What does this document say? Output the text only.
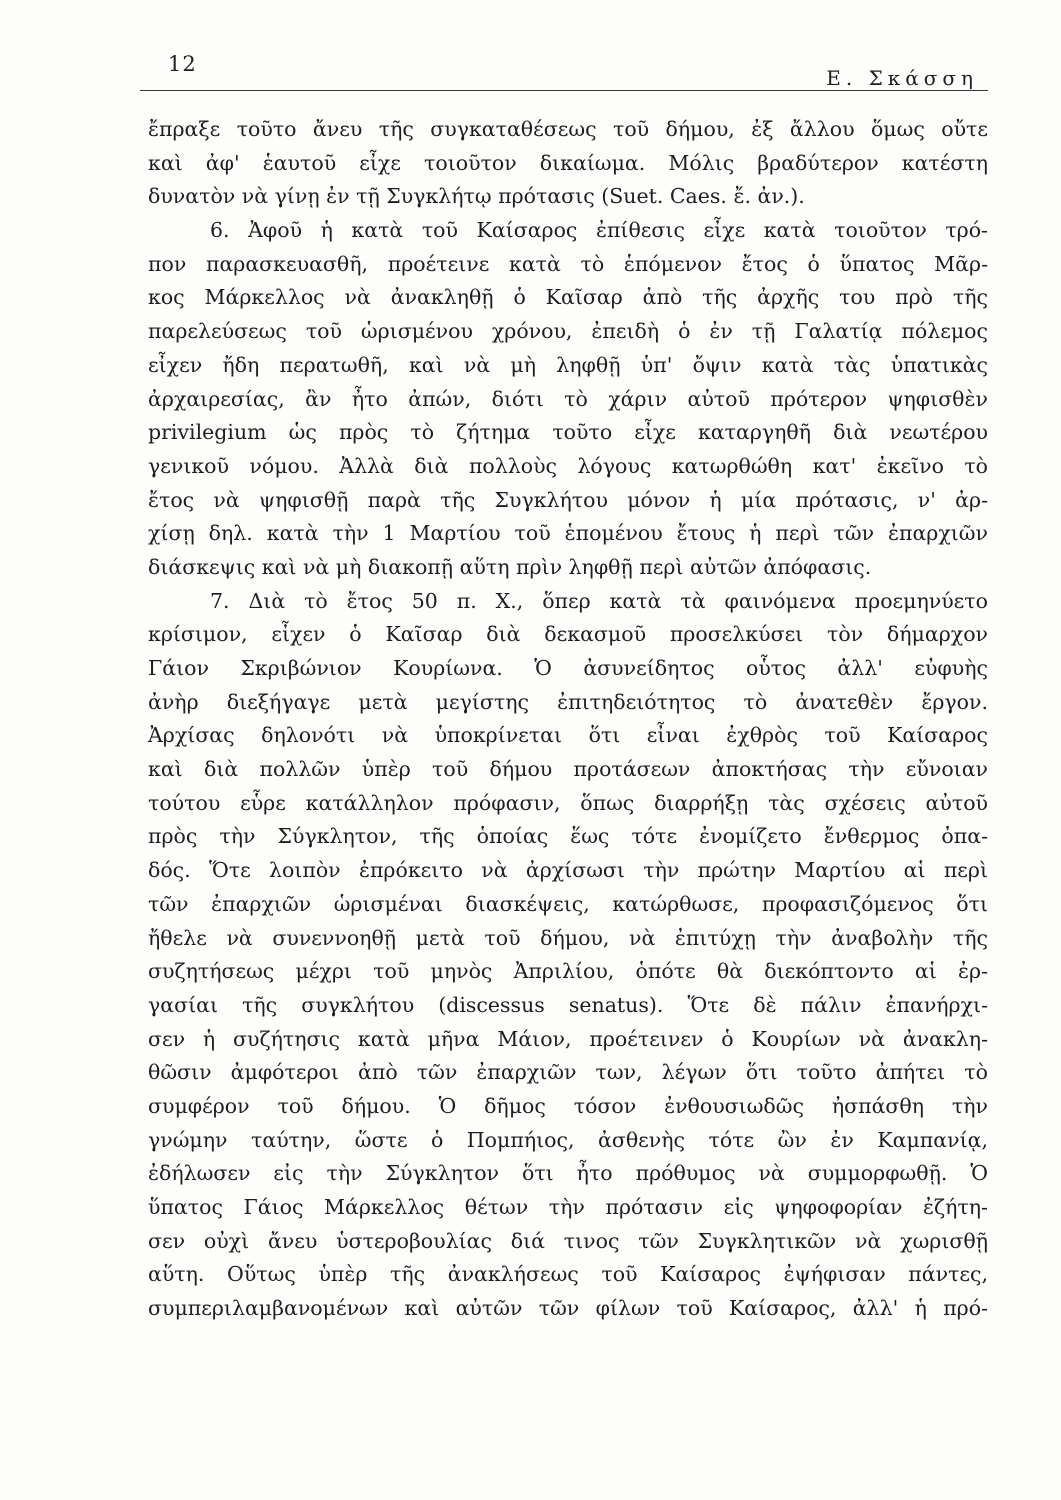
12
Ε. Σκάσση
ἔπραξε τοῦτο ἄνευ τῆς συγκαταθέσεως τοῦ δήμου, ἐξ ἄλλου ὅμως οὔτε
καὶ ἀφ' ἑαυτοῦ εἶχε τοιοῦτον δικαίωμα. Μόλις βραδύτερον κατέστη
δυνατὸν νὰ γίνῃ ἐν τῇ Συγκλήτῳ πρότασις (Suet. Caes. ἔ. ἀν.).
6. Ἀφοῦ ἡ κατὰ τοῦ Καίσαρος ἐπίθεσις εἶχε κατὰ τοιοῦτον τρό-
πον παρασκευασθῆ, προέτεινε κατὰ τὸ ἑπόμενον ἔτος ὁ ὕπατος Μᾶρ-
κος Μάρκελλος νὰ ἀνακληθῇ ὁ Καῖσαρ ἀπὸ τῆς ἀρχῆς του πρὸ τῆς
παρελεύσεως τοῦ ὡρισμένου χρόνου, ἐπειδὴ ὁ ἐν τῇ Γαλατίᾳ πόλεμος
εἶχεν ἤδη περατωθῆ, καὶ νὰ μὴ ληφθῇ ὑπ' ὄψιν κατὰ τὰς ὑπατικὰς
ἀρχαιρεσίας, ἂν ἦτο ἀπών, διότι τὸ χάριν αὐτοῦ πρότερον ψηφισθὲν
privilegium ὡς πρὸς τὸ ζήτημα τοῦτο εἶχε καταργηθῆ διὰ νεωτέρου
γενικοῦ νόμου. Ἀλλὰ διὰ πολλοὺς λόγους κατωρθώθη κατ' ἐκεῖνο τὸ
ἔτος νὰ ψηφισθῇ παρὰ τῆς Συγκλήτου μόνον ἡ μία πρότασις, ν' ἀρ-
χίσῃ δηλ. κατὰ τὴν 1 Μαρτίου τοῦ ἑπομένου ἔτους ἡ περὶ τῶν ἐπαρχιῶν
διάσκεψις καὶ νὰ μὴ διακοπῇ αὕτη πρὶν ληφθῇ περὶ αὐτῶν ἀπόφασις.
7. Διὰ τὸ ἔτος 50 π. Χ., ὅπερ κατὰ τὰ φαινόμενα προεμηνύετο
κρίσιμον, εἶχεν ὁ Καῖσαρ διὰ δεκασμοῦ προσελκύσει τὸν δήμαρχον
Γάιον Σκριβώνιον Κουρίωνα. Ὁ ἀσυνείδητος οὗτος ἀλλ' εὐφυὴς
ἀνὴρ διεξήγαγε μετὰ μεγίστης ἐπιτηδειότητος τὸ ἀνατεθὲν ἔργον.
Ἀρχίσας δηλονότι νὰ ὑποκρίνεται ὅτι εἶναι ἐχθρὸς τοῦ Καίσαρος
καὶ διὰ πολλῶν ὑπὲρ τοῦ δήμου προτάσεων ἀποκτήσας τὴν εὔνοιαν
τούτου εὗρε κατάλληλον πρόφασιν, ὅπως διαρρήξῃ τὰς σχέσεις αὐτοῦ
πρὸς τὴν Σύγκλητον, τῆς ὁποίας ἕως τότε ἐνομίζετο ἔνθερμος ὀπα-
δός. Ὅτε λοιπὸν ἐπρόκειτο νὰ ἀρχίσωσι τὴν πρώτην Μαρτίου αἱ περὶ
τῶν ἐπαρχιῶν ὡρισμέναι διασκέψεις, κατώρθωσε, προφασιζόμενος ὅτι
ἤθελε νὰ συνεννοηθῇ μετὰ τοῦ δήμου, νὰ ἐπιτύχῃ τὴν ἀναβολὴν τῆς
συζητήσεως μέχρι τοῦ μηνὸς Ἀπριλίου, ὁπότε θὰ διεκόπτοντο αἱ ἐρ-
γασίαι τῆς συγκλήτου (discessus senatus). Ὅτε δὲ πάλιν ἐπανήρχι-
σεν ἡ συζήτησις κατὰ μῆνα Μάιον, προέτεινεν ὁ Κουρίων νὰ ἀνακλη-
θῶσιν ἀμφότεροι ἀπὸ τῶν ἐπαρχιῶν των, λέγων ὅτι τοῦτο ἀπήτει τὸ
συμφέρον τοῦ δήμου. Ὁ δῆμος τόσον ἐνθουσιωδῶς ἠσπάσθη τὴν
γνώμην ταύτην, ὥστε ὁ Πομπήιος, ἀσθενὴς τότε ὢν ἐν Καμπανίᾳ,
ἐδήλωσεν εἰς τὴν Σύγκλητον ὅτι ἦτο πρόθυμος νὰ συμμορφωθῇ. Ὁ
ὕπατος Γάιος Μάρκελλος θέτων τὴν πρότασιν εἰς ψηφοφορίαν ἐζήτη-
σεν οὐχὶ ἄνευ ὑστεροβουλίας διά τινος τῶν Συγκλητικῶν νὰ χωρισθῇ
αὕτη. Οὕτως ὑπὲρ τῆς ἀνακλήσεως τοῦ Καίσαρος ἐψήφισαν πάντες,
συμπεριλαμβανομένων καὶ αὐτῶν τῶν φίλων τοῦ Καίσαρος, ἀλλ' ἡ πρό-
